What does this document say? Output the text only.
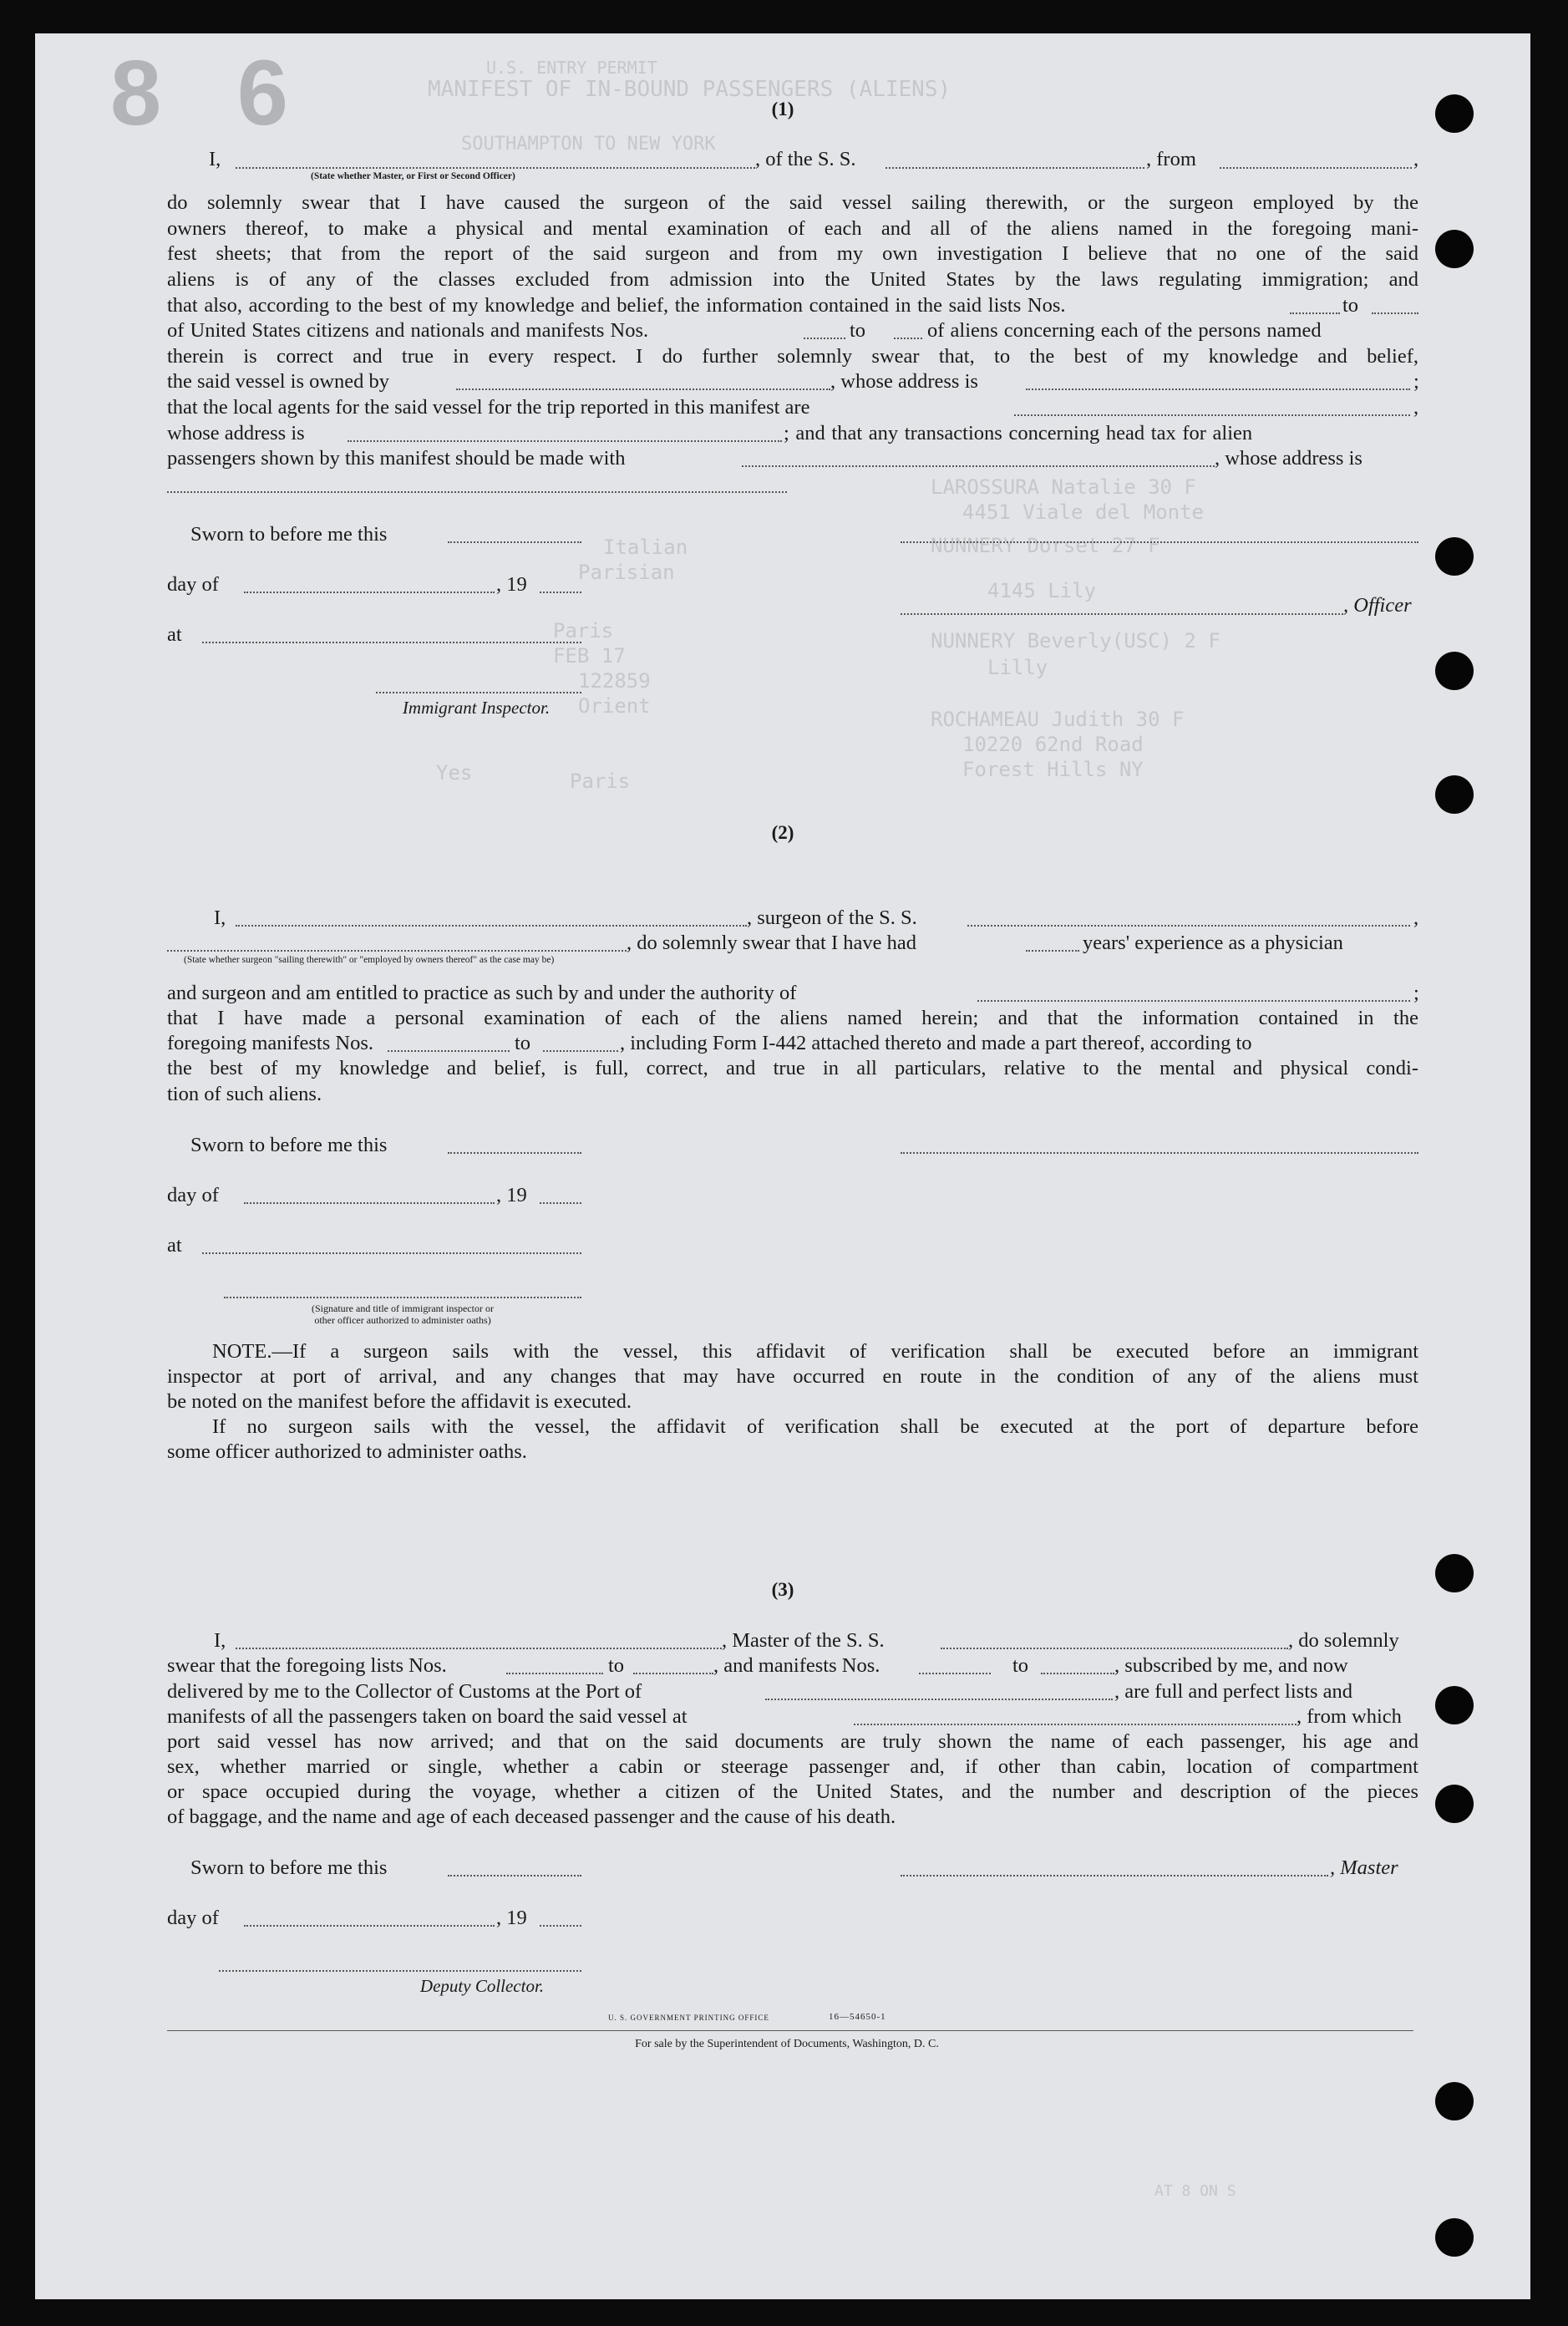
8 6	U.S. ENTRY PERMIT
MANIFEST OF IN-BOUND PASSENGERS (ALIENS)
SOUTHAMPTON TO NEW YORK
LAROSSURA Natalie 30 F
4451 Viale del Monte
NUNNERY Dorset 27 F
4145 Lily
NUNNERY Beverly(USC) 2 F
Lilly
ROCHAMEAU Judith 30 F
10220 62nd Road
Forest Hills NY
Italian
Parisian
Paris
FEB 17
122859
Orient
Paris
Yes
AT 8 ON S
(1)
I,	, of the S. S.	, from	,
(State whether Master, or First or Second Officer)
do solemnly swear that I have caused the surgeon of the said vessel sailing therewith, or the surgeon employed by the
owners thereof, to make a physical and mental examination of each and all of the aliens named in the foregoing mani-
fest sheets; that from the report of the said surgeon and from my own investigation I believe that no one of the said
aliens is of any of the classes excluded from admission into the United States by the laws regulating immigration; and
that also, according to the best of my knowledge and belief, the information contained in the said lists Nos.	to
of United States citizens and nationals and manifests Nos.	to	of aliens concerning each of the persons named
therein is correct and true in every respect. I do further solemnly swear that, to the best of my knowledge and belief,
the said vessel is owned by	, whose address is	;
that the local agents for the said vessel for the trip reported in this manifest are	,
whose address is	; and that any transactions concerning head tax for alien
passengers shown by this manifest should be made with	, whose address is
Sworn to before me this
day of	, 19
, Officer
at
Immigrant Inspector.
(2)
I,	, surgeon of the S. S.	,
, do solemnly swear that I have had	years' experience as a physician
(State whether surgeon "sailing therewith" or "employed by owners thereof" as the case may be)
and surgeon and am entitled to practice as such by and under the authority of	;
that I have made a personal examination of each of the aliens named herein; and that the information contained in the
foregoing manifests Nos.	to	, including Form I-442 attached thereto and made a part thereof, according to
the best of my knowledge and belief, is full, correct, and true in all particulars, relative to the mental and physical condi-
tion of such aliens.
Sworn to before me this
day of	, 19
at
(Signature and title of immigrant inspector or
other officer authorized to administer oaths)
NOTE.—If a surgeon sails with the vessel, this affidavit of verification shall be executed before an immigrant
inspector at port of arrival, and any changes that may have occurred en route in the condition of any of the aliens must
be noted on the manifest before the affidavit is executed.
If no surgeon sails with the vessel, the affidavit of verification shall be executed at the port of departure before
some officer authorized to administer oaths.
(3)
I,	, Master of the S. S.	, do solemnly
swear that the foregoing lists Nos.	to	, and manifests Nos.	to	, subscribed by me, and now
delivered by me to the Collector of Customs at the Port of	, are full and perfect lists and
manifests of all the passengers taken on board the said vessel at	, from which
port said vessel has now arrived; and that on the said documents are truly shown the name of each passenger, his age and
sex, whether married or single, whether a cabin or steerage passenger and, if other than cabin, location of compartment
or space occupied during the voyage, whether a citizen of the United States, and the number and description of the pieces
of baggage, and the name and age of each deceased passenger and the cause of his death.
Sworn to before me this	, Master
day of	, 19
Deputy Collector.
U. S. GOVERNMENT PRINTING OFFICE	16—54650-1
For sale by the Superintendent of Documents, Washington, D. C.
